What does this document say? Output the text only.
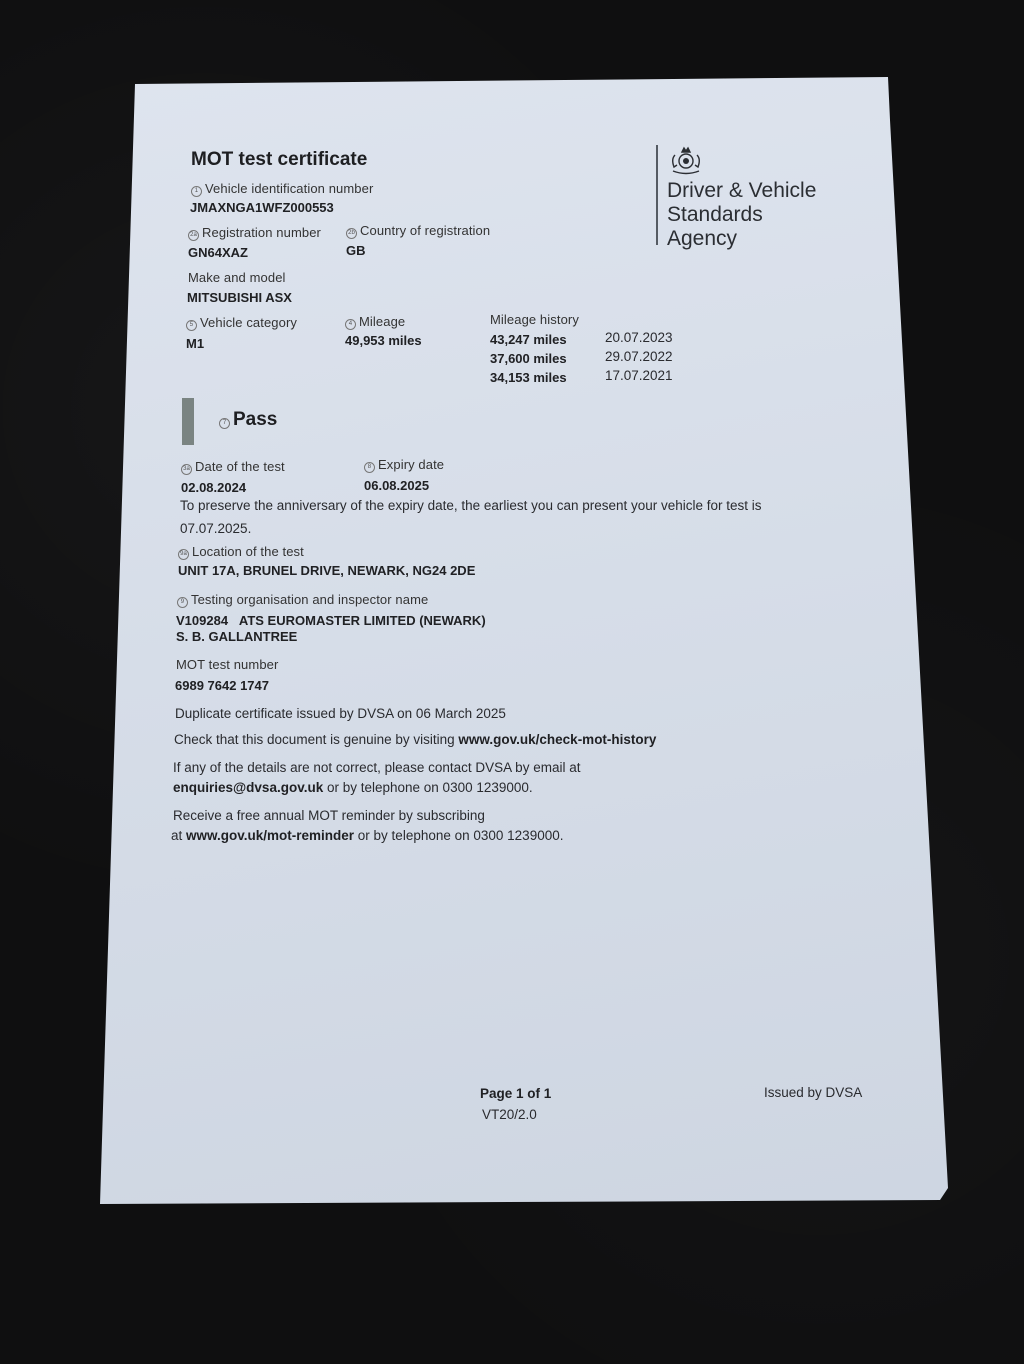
MOT test certificate
Driver & Vehicle
Standards
Agency
1 Vehicle identification number
JMAXNGA1WFZ000553
2a Registration number
GN64XAZ
2b Country of registration
GB
Make and model
MITSUBISHI ASX
5 Vehicle category
M1
4 Mileage
49,953 miles
Mileage history
43,247 miles	20.07.2023
37,600 miles	29.07.2022
34,153 miles	17.07.2021
7 Pass
3a Date of the test
02.08.2024
8 Expiry date
06.08.2025
To preserve the anniversary of the expiry date, the earliest you can present your vehicle for test is
07.07.2025.
9a Location of the test
UNIT 17A, BRUNEL DRIVE, NEWARK, NG24 2DE
9 Testing organisation and inspector name
V109284 ATS EUROMASTER LIMITED (NEWARK)
S. B. GALLANTREE
MOT test number
6989 7642 1747
Duplicate certificate issued by DVSA on 06 March 2025
Check that this document is genuine by visiting www.gov.uk/check-mot-history
If any of the details are not correct, please contact DVSA by email at
enquiries@dvsa.gov.uk or by telephone on 0300 1239000.
Receive a free annual MOT reminder by subscribing
at www.gov.uk/mot-reminder or by telephone on 0300 1239000.
Page 1 of 1
VT20/2.0
Issued by DVSA
